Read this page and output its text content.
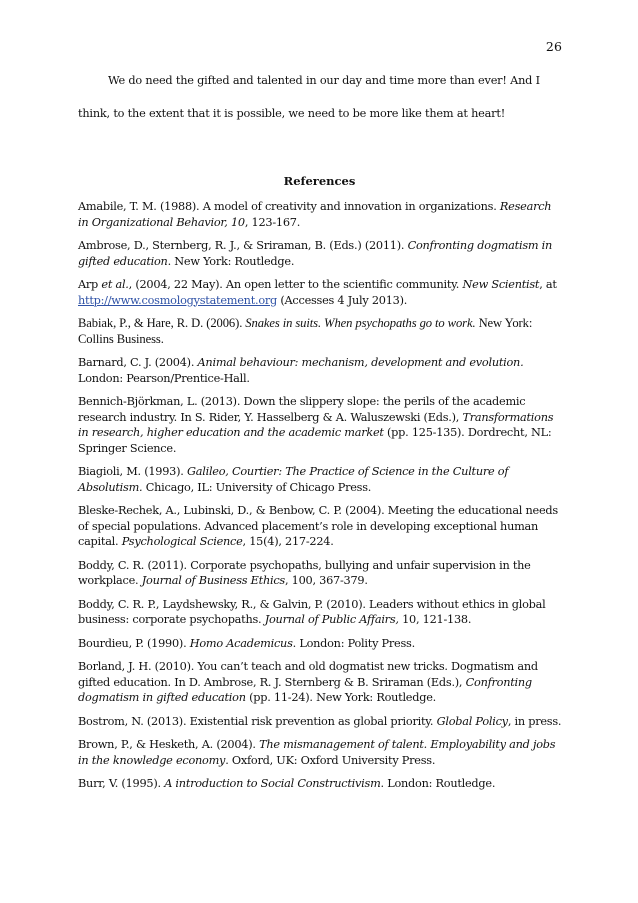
26
We do need the gifted and talented in our day and time more than ever! And I
think, to the extent that it is possible, we need to be more like them at heart!
References

Amabile, T. M. (1988). A model of creativity and innovation in organizations. Research in Organizational Behavior, 10, 123-167.

Ambrose, D., Sternberg, R. J., & Sriraman, B. (Eds.) (2011). Confronting dogmatism in gifted education. New York: Routledge.

Arp et al., (2004, 22 May). An open letter to the scientific community. New Scientist, at http://www.cosmologystatement.org (Accesses 4 July 2013).

Babiak, P., & Hare, R. D. (2006). Snakes in suits. When psychopaths go to work. New York: Collins Business.

Barnard, C. J. (2004). Animal behaviour: mechanism, development and evolution. London: Pearson/Prentice-Hall.

Bennich-Björkman, L. (2013). Down the slippery slope: the perils of the academic research industry. In S. Rider, Y. Hasselberg & A. Waluszewski (Eds.), Transformations in research, higher education and the academic market (pp. 125-135). Dordrecht, NL: Springer Science.

Biagioli, M. (1993). Galileo, Courtier: The Practice of Science in the Culture of Absolutism. Chicago, IL: University of Chicago Press.

Bleske-Rechek, A., Lubinski, D., & Benbow, C. P. (2004). Meeting the educational needs of special populations. Advanced placement’s role in developing exceptional human capital. Psychological Science, 15(4), 217-224.

Boddy, C. R. (2011). Corporate psychopaths, bullying and unfair supervision in the workplace. Journal of Business Ethics, 100, 367-379.

Boddy, C. R. P., Laydshewsky, R., & Galvin, P. (2010). Leaders without ethics in global business: corporate psychopaths. Journal of Public Affairs, 10, 121-138.

Bourdieu, P. (1990). Homo Academicus. London: Polity Press.

Borland, J. H. (2010). You can’t teach and old dogmatist new tricks. Dogmatism and gifted education. In D. Ambrose, R. J. Sternberg & B. Sriraman (Eds.), Confronting dogmatism in gifted education (pp. 11-24). New York: Routledge.

Bostrom, N. (2013). Existential risk prevention as global priority. Global Policy, in press.

Brown, P., & Hesketh, A. (2004). The mismanagement of talent. Employability and jobs in the knowledge economy. Oxford, UK: Oxford University Press.

Burr, V. (1995). A introduction to Social Constructivism. London: Routledge.
